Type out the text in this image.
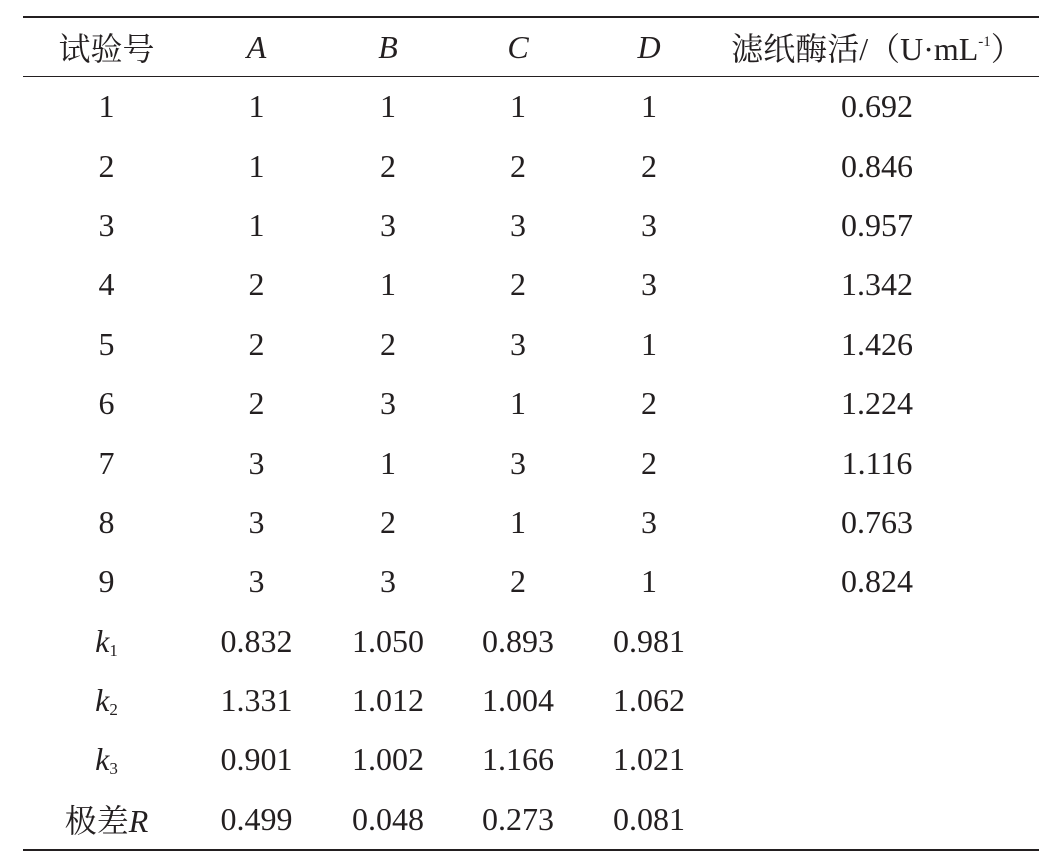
试验号	A	B	C	D	滤纸酶活$/(U\cdot mL^{-1})$
1	1	1	1	1	0.692
2	1	2	2	2	0.846
3	1	3	3	3	0.957
4	2	1	2	3	1.342
5	2	2	3	1	1.426
6	2	3	1	2	1.224
7	3	1	3	2	1.116
8	3	2	1	3	0.763
9	3	3	2	1	0.824
$k_1$	0.832	1.050	0.893	0.981	
$k_2$	1.331	1.012	1.004	1.062	
$k_3$	0.901	1.002	1.166	1.021	
极差R	0.499	0.048	0.273	0.081	
